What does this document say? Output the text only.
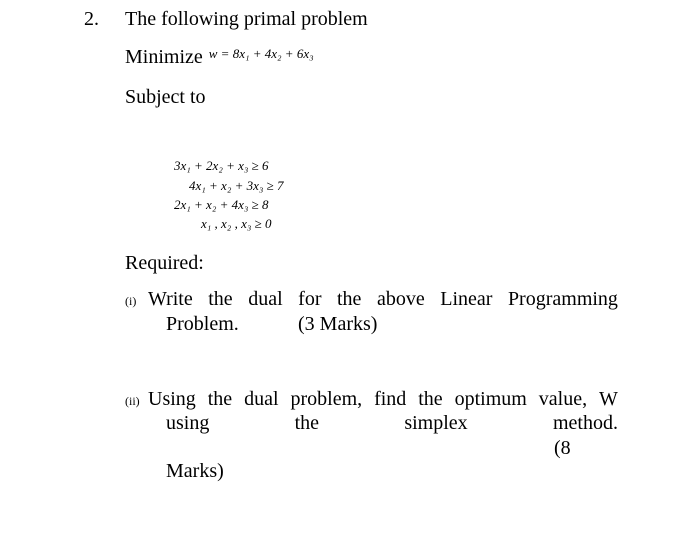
2. The following primal problem
Minimize $^{w = 8x_1 + 4x_2 + 6x_3}$
Subject to
3x₁ + 2x₂ + x₃ ≥ 6
4x₁ + x₂ + 3x₃ ≥ 7
2x₁ + x₂ + 4x₃ ≥ 8
x₁ , x₂ , x₃ ≥ 0
Required:
(i) Write the dual for the above Linear Programming
Problem.	(3 Marks)
(ii) Using the dual problem, find the optimum value, W
using	the	simplex	method.
(8
Marks)
